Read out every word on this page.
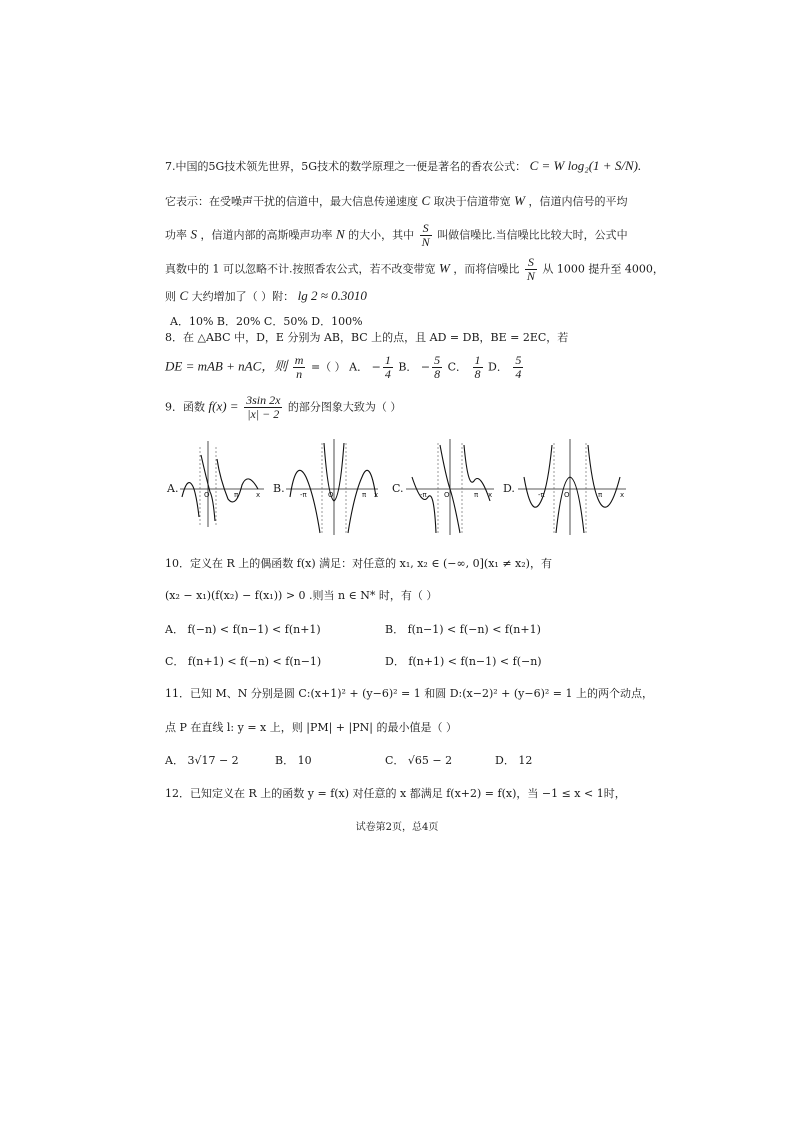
7.中国的5G技术领先世界，5G技术的数学原理之一便是著名的香农公式： C = W log₂(1 + S/N).
它表示：在受噪声干扰的信道中，最大信息传递速度 C 取决于信道带宽 W ，信道内信号的平均
功率 S ，信道内部的高斯噪声功率 N 的大小，其中 $\frac{S}{N}$ 叫做信噪比.当信噪比比较大时，公式中
真数中的 1 可以忽略不计.按照香农公式，若不改变带宽 W ，而将信噪比 $\frac{S}{N}$ 从 1000 提升至 4000，
则 C 大约增加了（ ）附： lg 2 ≈ 0.3010
A．10% B．20% C．50% D．100%
8．在 △ABC 中，D，E 分别为 AB，BC 上的点，且 AD = DB，BE = 2EC，若
DE = mAB + nAC，则 $\frac{m}{n}$ =（ ） A． − $\frac{1}{4}$ B． − $\frac{5}{8}$ C． $\frac{1}{8}$ D． $\frac{5}{4}$
9．函数 $f(x) = \frac{3\sin 2x}{|x| - 2}$ 的部分图象大致为（ ）
A.	O	π	x B. -π	O	π x C. -π O	π x D.	-π	O	π	x
10．定义在 R 上的偶函数 f(x) 满足：对任意的 x₁, x₂ ∈ (−∞, 0](x₁ ≠ x₂)，有
(x₂ − x₁)(f(x₂) − f(x₁)) > 0 .则当 n ∈ N* 时，有（ ）
A． f(−n) < f(n−1) < f(n+1)	B． f(n−1) < f(−n) < f(n+1)
C． f(n+1) < f(−n) < f(n−1)	D． f(n+1) < f(n−1) < f(−n)
11．已知 M、N 分别是圆 C:(x+1)² + (y−6)² = 1 和圆 D:(x−2)² + (y−6)² = 1 上的两个动点，
点 P 在直线 l: y = x 上，则 |PM| + |PN| 的最小值是（ ）
A． 3√17 − 2	B． 10	C． √65 − 2	D． 12
12．已知定义在 R 上的函数 y = f(x) 对任意的 x 都满足 f(x+2) = f(x)，当 −1 ≤ x < 1时，
试卷第2页，总4页
